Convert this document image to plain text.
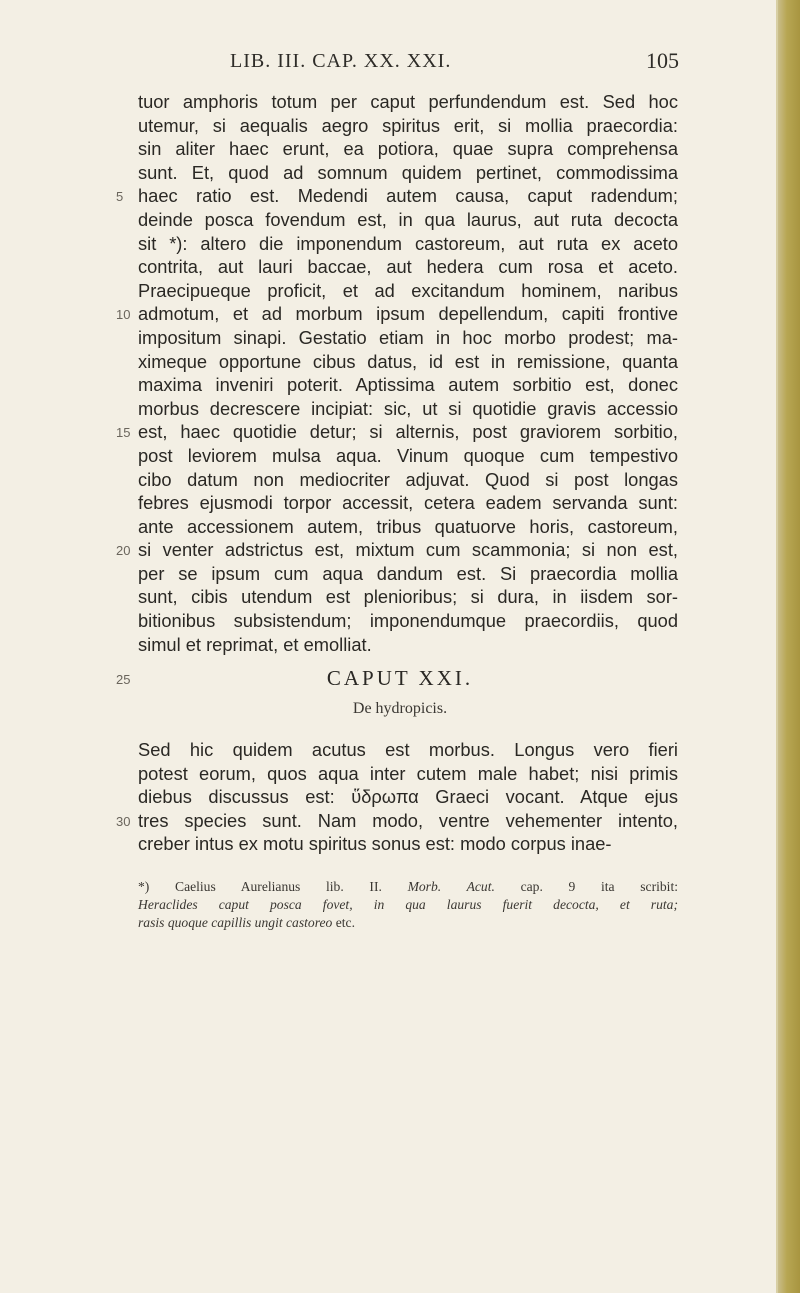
LIB. III. CAP. XX. XXI.	105
tuor amphoris totum per caput perfundendum est. Sed hoc
utemur, si aequalis aegro spiritus erit, si mollia praecordia:
sin aliter haec erunt, ea potiora, quae supra comprehensa
sunt. Et, quod ad somnum quidem pertinet, commodissima
5 haec ratio est. Medendi autem causa, caput radendum;
deinde posca fovendum est, in qua laurus, aut ruta decocta
sit *): altero die imponendum castoreum, aut ruta ex aceto
contrita, aut lauri baccae, aut hedera cum rosa et aceto.
Praecipueque proficit, et ad excitandum hominem, naribus
10 admotum, et ad morbum ipsum depellendum, capiti frontive
impositum sinapi. Gestatio etiam in hoc morbo prodest; ma-
ximeque opportune cibus datus, id est in remissione, quanta
maxima inveniri poterit. Aptissima autem sorbitio est, donec
morbus decrescere incipiat: sic, ut si quotidie gravis accessio
15 est, haec quotidie detur; si alternis, post graviorem sorbitio,
post leviorem mulsa aqua. Vinum quoque cum tempestivo
cibo datum non mediocriter adjuvat. Quod si post longas
febres ejusmodi torpor accessit, cetera eadem servanda sunt:
ante accessionem autem, tribus quatuorve horis, castoreum,
20 si venter adstrictus est, mixtum cum scammonia; si non est,
per se ipsum cum aqua dandum est. Si praecordia mollia
sunt, cibis utendum est plenioribus; si dura, in iisdem sor-
bitionibus subsistendum; imponendumque praecordiis, quod
simul et reprimat, et emolliat.
25	CAPUT XXI.
De hydropicis.
Sed hic quidem acutus est morbus. Longus vero fieri
potest eorum, quos aqua inter cutem male habet; nisi primis
diebus discussus est: ὕδρωπα Graeci vocant. Atque ejus
30 tres species sunt. Nam modo, ventre vehementer intento,
creber intus ex motu spiritus sonus est: modo corpus inae-
*) Caelius Aurelianus lib. II. Morb. Acut. cap. 9 ita scribit:
Heraclides caput posca fovet, in qua laurus fuerit decocta, et ruta;
rasis quoque capillis ungit castoreo etc.
